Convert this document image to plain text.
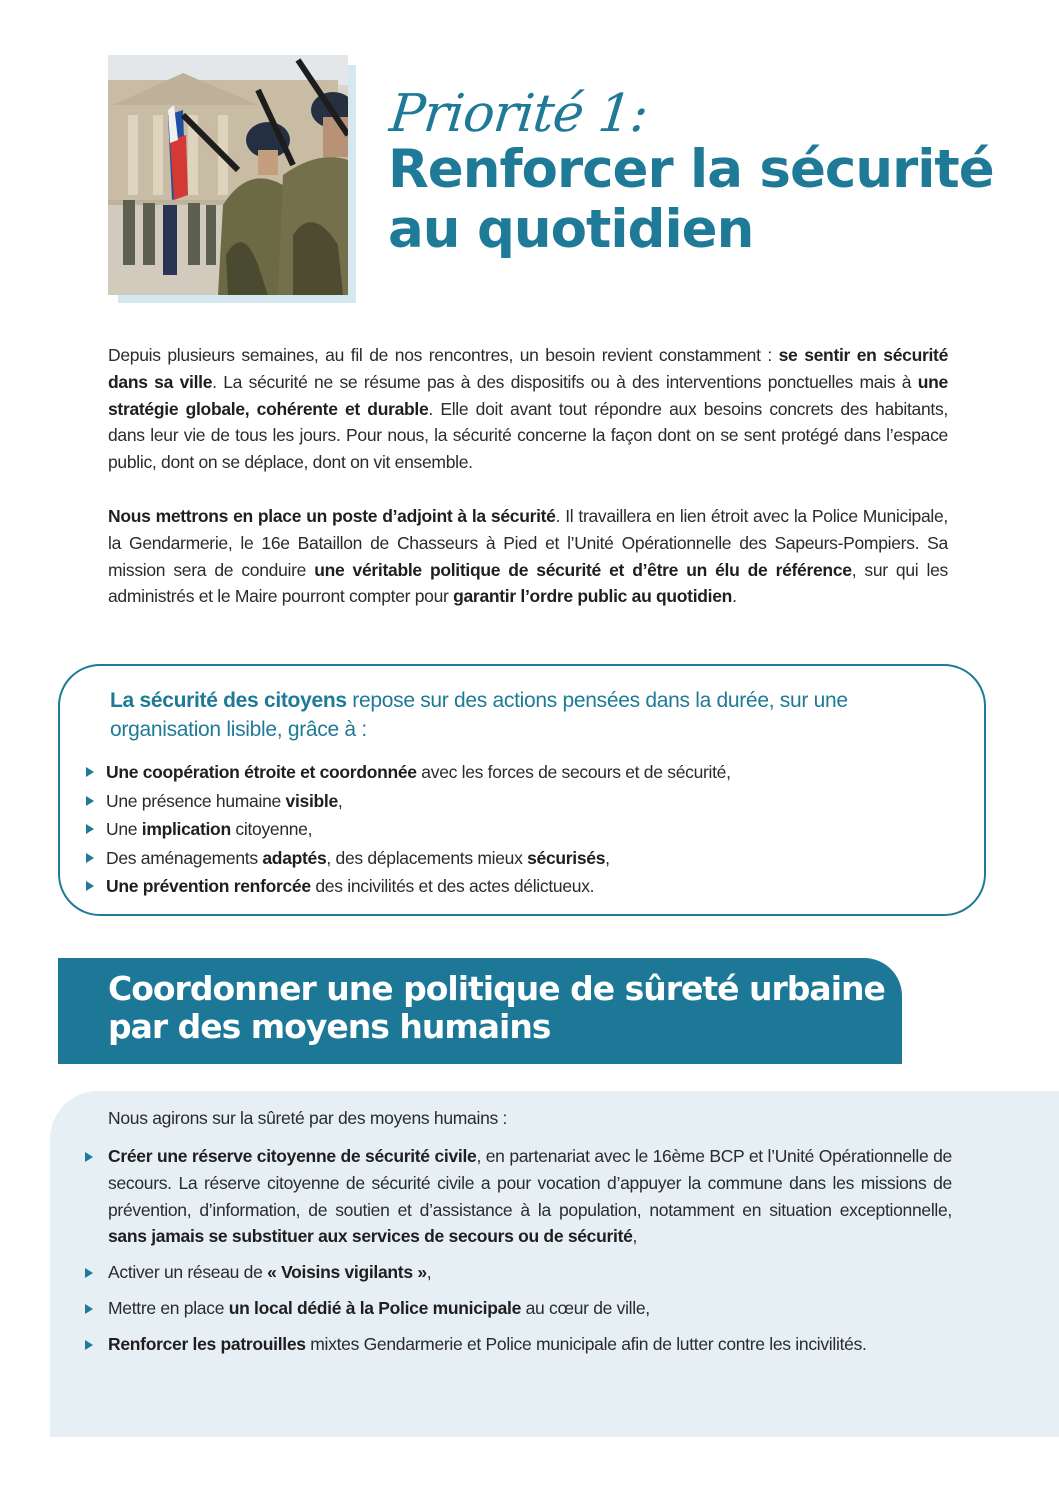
Priorité 1:
Renforcer la sécurité au quotidien

Depuis plusieurs semaines, au fil de nos rencontres, un besoin revient constamment : se sentir en sécurité dans sa ville. La sécurité ne se résume pas à des dispositifs ou à des interventions ponctuelles mais à une stratégie globale, cohérente et durable. Elle doit avant tout répondre aux besoins concrets des habitants, dans leur vie de tous les jours. Pour nous, la sécurité concerne la façon dont on se sent protégé dans l’espace public, dont on se déplace, dont on vit ensemble.

Nous mettrons en place un poste d’adjoint à la sécurité. Il travaillera en lien étroit avec la Police Municipale, la Gendarmerie, le 16e Bataillon de Chasseurs à Pied et l’Unité Opérationnelle des Sapeurs-Pompiers. Sa mission sera de conduire une véritable politique de sécurité et d’être un élu de référence, sur qui les administrés et le Maire pourront compter pour garantir l’ordre public au quotidien.

La sécurité des citoyens repose sur des actions pensées dans la durée, sur une organisation lisible, grâce à :
Une coopération étroite et coordonnée avec les forces de secours et de sécurité,
Une présence humaine visible,
Une implication citoyenne,
Des aménagements adaptés, des déplacements mieux sécurisés,
Une prévention renforcée des incivilités et des actes délictueux.
Coordonner une politique de sûreté urbaine
par des moyens humains
Nous agirons sur la sûreté par des moyens humains :
Créer une réserve citoyenne de sécurité civile, en partenariat avec le 16ème BCP et l’Unité Opérationnelle de secours. La réserve citoyenne de sécurité civile a pour vocation d’appuyer la commune dans les missions de prévention, d’information, de soutien et d’assistance à la population, notamment en situation exceptionnelle, sans jamais se substituer aux services de secours ou de sécurité,
Activer un réseau de « Voisins vigilants »,
Mettre en place un local dédié à la Police municipale au cœur de ville,
Renforcer les patrouilles mixtes Gendarmerie et Police municipale afin de lutter contre les incivilités.
